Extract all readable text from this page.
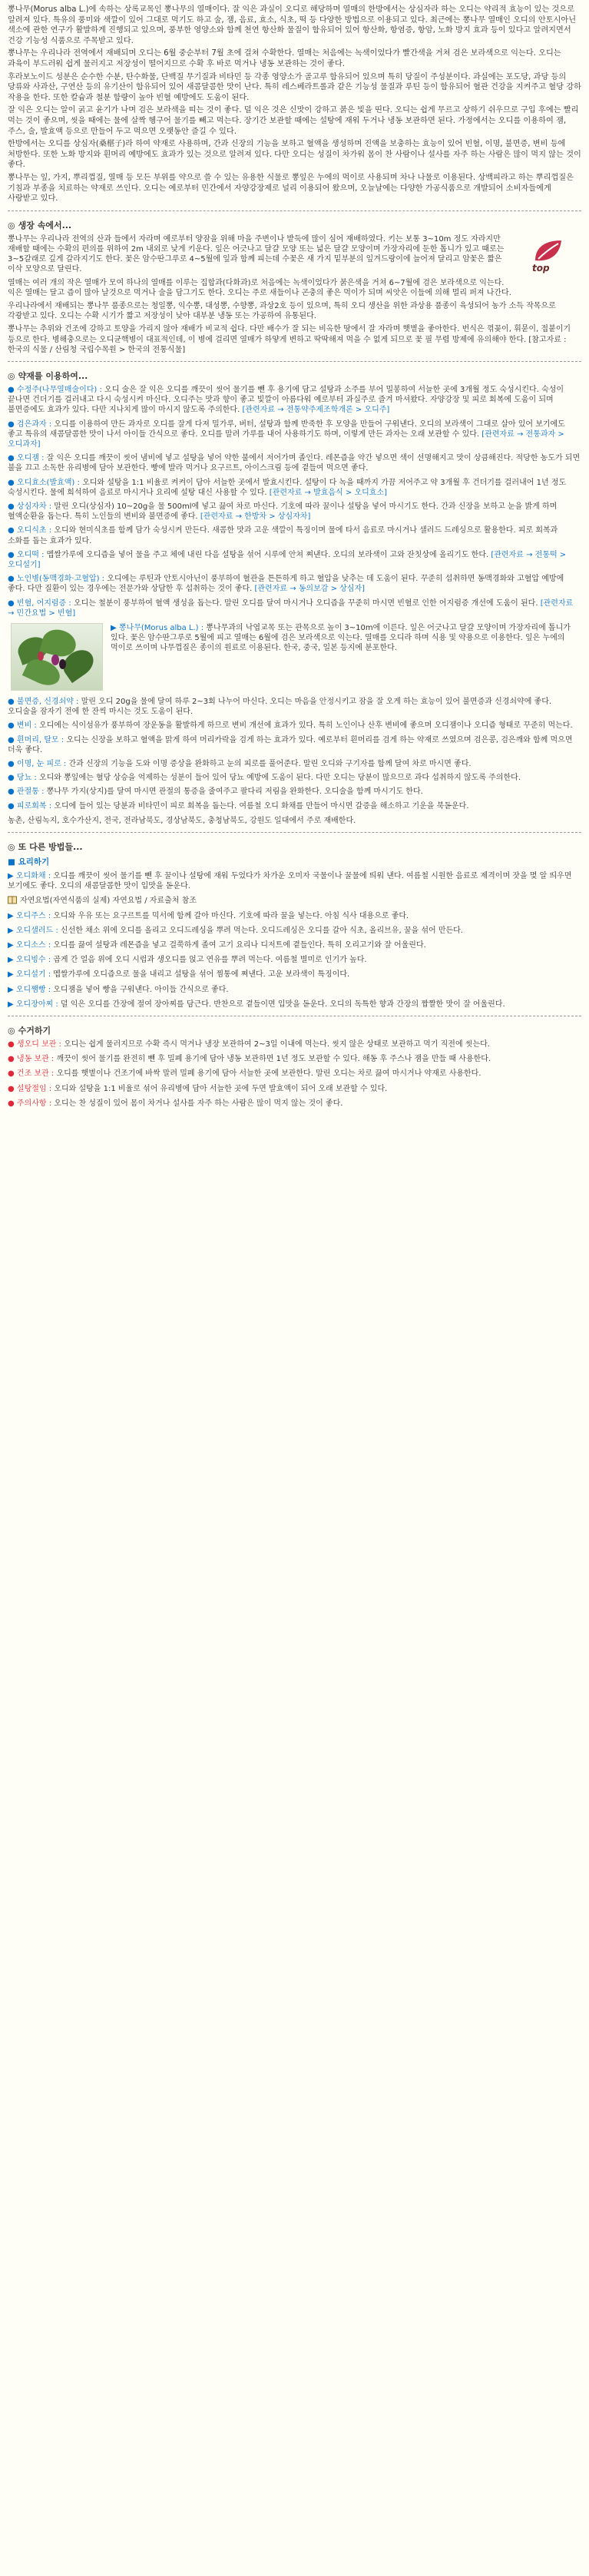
뽕나무(Morus alba L.)에 속하는 상록교목인 뽕나무의 열매이다. 잘 익은 과실이 오디로 해당하며 열매의 한방에서는 상심자라 하는 오디는 약리적 효능이 있는 것으로 알려져 있다. 특유의 풍미와 색깔이 있어 그대로 먹기도 하고 술, 잼, 음료, 효소, 식초, 떡 등 다양한 방법으로 이용되고 있다. 최근에는 뽕나무 열매인 오디의 안토시아닌 색소에 관한 연구가 활발하게 진행되고 있으며, 풍부한 영양소와 함께 천연 항산화 물질이 함유되어 있어 항산화, 항염증, 항암, 노화 방지 효과 등이 있다고 알려지면서 건강 기능성 식품으로 주목받고 있다.

뽕나무는 우리나라 전역에서 재배되며 오디는 6월 중순부터 7월 초에 걸쳐 수확한다. 열매는 처음에는 녹색이었다가 빨간색을 거쳐 검은 보라색으로 익는다. 오디는 과육이 부드러워 쉽게 물러지고 저장성이 떨어지므로 수확 후 바로 먹거나 냉동 보관하는 것이 좋다.

후라보노이드 성분은 순수한 수분, 탄수화물, 단백질 무기질과 비타민 등 각종 영양소가 골고루 함유되어 있으며 특히 당질이 주성분이다. 과실에는 포도당, 과당 등의 당류와 사과산, 구연산 등의 유기산이 함유되어 있어 새콤달콤한 맛이 난다. 특히 레스베라트롤과 같은 기능성 물질과 루틴 등이 함유되어 혈관 건강을 지켜주고 혈당 강하 작용을 한다. 또한 칼슘과 철분 함량이 높아 빈혈 예방에도 도움이 된다.

잘 익은 오디는 알이 굵고 윤기가 나며 검은 보라색을 띠는 것이 좋다. 덜 익은 것은 신맛이 강하고 붉은 빛을 띤다. 오디는 쉽게 무르고 상하기 쉬우므로 구입 후에는 빨리 먹는 것이 좋으며, 씻을 때에는 물에 살짝 헹구어 물기를 빼고 먹는다. 장기간 보관할 때에는 설탕에 재워 두거나 냉동 보관하면 된다. 가정에서는 오디를 이용하여 잼, 주스, 술, 발효액 등으로 만들어 두고 먹으면 오랫동안 즐길 수 있다.

한방에서는 오디를 상심자(桑椹子)라 하여 약재로 사용하며, 간과 신장의 기능을 보하고 혈액을 생성하며 진액을 보충하는 효능이 있어 빈혈, 이명, 불면증, 변비 등에 처방한다. 또한 노화 방지와 흰머리 예방에도 효과가 있는 것으로 알려져 있다. 다만 오디는 성질이 차가워 몸이 찬 사람이나 설사를 자주 하는 사람은 많이 먹지 않는 것이 좋다.

뽕나무는 잎, 가지, 뿌리껍질, 열매 등 모든 부위를 약으로 쓸 수 있는 유용한 식물로 뽕잎은 누에의 먹이로 사용되며 차나 나물로 이용된다. 상백피라고 하는 뿌리껍질은 기침과 부종을 치료하는 약재로 쓰인다. 오디는 예로부터 민간에서 자양강장제로 널리 이용되어 왔으며, 오늘날에는 다양한 가공식품으로 개발되어 소비자들에게 사랑받고 있다.

◎ 생장 속에서...

top
뽕나무는 우리나라 전역의 산과 들에서 자라며 예로부터 양잠을 위해 마을 주변이나 밭둑에 많이 심어 재배하였다. 키는 보통 3~10m 정도 자라지만 재배할 때에는 수확의 편의를 위하여 2m 내외로 낮게 키운다. 잎은 어긋나고 달걀 모양 또는 넓은 달걀 모양이며 가장자리에 둔한 톱니가 있고 때로는 3~5갈래로 깊게 갈라지기도 한다. 꽃은 암수딴그루로 4~5월에 잎과 함께 피는데 수꽃은 새 가지 밑부분의 잎겨드랑이에 늘어져 달리고 암꽃은 짧은 이삭 모양으로 달린다.

열매는 여러 개의 작은 열매가 모여 하나의 열매를 이루는 집합과(다화과)로 처음에는 녹색이었다가 붉은색을 거쳐 6~7월에 검은 보라색으로 익는다. 익은 열매는 달고 즙이 많아 날것으로 먹거나 술을 담그기도 한다. 오디는 주로 새들이나 곤충의 좋은 먹이가 되며 씨앗은 이들에 의해 멀리 퍼져 나간다.

우리나라에서 재배되는 뽕나무 품종으로는 청일뽕, 익수뽕, 대성뽕, 수향뽕, 과상2호 등이 있으며, 특히 오디 생산을 위한 과상용 품종이 육성되어 농가 소득 작목으로 각광받고 있다. 오디는 수확 시기가 짧고 저장성이 낮아 대부분 냉동 또는 가공하여 유통된다.

뽕나무는 추위와 건조에 강하고 토양을 가리지 않아 재배가 비교적 쉽다. 다만 배수가 잘 되는 비옥한 땅에서 잘 자라며 햇볕을 좋아한다. 번식은 꺾꽂이, 휘묻이, 접붙이기 등으로 한다. 병해충으로는 오디균핵병이 대표적인데, 이 병에 걸리면 열매가 하얗게 변하고 딱딱해져 먹을 수 없게 되므로 꽃 필 무렵 방제에 유의해야 한다. [참고자료 : 한국의 식물 / 산림청 국립수목원 > 한국의 전통식물]

◎ 약재를 이용하여...
● 수정주(나무열매술이다) : 오디 술은 잘 익은 오디를 깨끗이 씻어 물기를 뺀 후 용기에 담고 설탕과 소주를 부어 밀봉하여 서늘한 곳에 3개월 정도 숙성시킨다. 숙성이 끝나면 건더기를 걸러내고 다시 숙성시켜 마신다. 오디주는 맛과 향이 좋고 빛깔이 아름다워 예로부터 과실주로 즐겨 마셔왔다. 자양강장 및 피로 회복에 도움이 되며 불면증에도 효과가 있다. 다만 지나치게 많이 마시지 않도록 주의한다. [관련자료 → 전통약주제조학개론 > 오디주]
● 검은과자 : 오디를 이용하여 만든 과자로 오디를 잘게 다져 밀가루, 버터, 설탕과 함께 반죽한 후 모양을 만들어 구워낸다. 오디의 보라색이 그대로 살아 있어 보기에도 좋고 특유의 새콤달콤한 맛이 나서 아이들 간식으로 좋다. 오디를 말려 가루를 내어 사용하기도 하며, 이렇게 만든 과자는 오래 보관할 수 있다. [관련자료 → 전통과자 > 오디과자]
● 오디잼 : 잘 익은 오디를 깨끗이 씻어 냄비에 넣고 설탕을 넣어 약한 불에서 저어가며 졸인다. 레몬즙을 약간 넣으면 색이 선명해지고 맛이 상큼해진다. 적당한 농도가 되면 불을 끄고 소독한 유리병에 담아 보관한다. 빵에 발라 먹거나 요구르트, 아이스크림 등에 곁들여 먹으면 좋다.
● 오디효소(발효액) : 오디와 설탕을 1:1 비율로 켜켜이 담아 서늘한 곳에서 발효시킨다. 설탕이 다 녹을 때까지 가끔 저어주고 약 3개월 후 건더기를 걸러내어 1년 정도 숙성시킨다. 물에 희석하여 음료로 마시거나 요리에 설탕 대신 사용할 수 있다. [관련자료 → 발효음식 > 오디효소]
● 상심자차 : 말린 오디(상심자) 10~20g을 물 500ml에 넣고 끓여 차로 마신다. 기호에 따라 꿀이나 설탕을 넣어 마시기도 한다. 간과 신장을 보하고 눈을 밝게 하며 혈액순환을 돕는다. 특히 노인들의 변비와 불면증에 좋다. [관련자료 → 한방차 > 상심자차]
● 오디식초 : 오디와 현미식초를 함께 담가 숙성시켜 만든다. 새콤한 맛과 고운 색깔이 특징이며 물에 타서 음료로 마시거나 샐러드 드레싱으로 활용한다. 피로 회복과 소화를 돕는 효과가 있다.
● 오디떡 : 멥쌀가루에 오디즙을 넣어 물을 주고 체에 내린 다음 설탕을 섞어 시루에 안쳐 쪄낸다. 오디의 보라색이 고와 잔칫상에 올리기도 한다. [관련자료 → 전통떡 > 오디설기]
● 노인병(동맥경화·고혈압) : 오디에는 루틴과 안토시아닌이 풍부하여 혈관을 튼튼하게 하고 혈압을 낮추는 데 도움이 된다. 꾸준히 섭취하면 동맥경화와 고혈압 예방에 좋다. 다만 질환이 있는 경우에는 전문가와 상담한 후 섭취하는 것이 좋다. [관련자료 → 동의보감 > 상심자]
● 빈혈, 어지럼증 : 오디는 철분이 풍부하여 혈액 생성을 돕는다. 말린 오디를 달여 마시거나 오디즙을 꾸준히 마시면 빈혈로 인한 어지럼증 개선에 도움이 된다. [관련자료 → 민간요법 > 빈혈]
▶ 뽕나무(Morus alba L.) : 뽕나무과의 낙엽교목 또는 관목으로 높이 3~10m에 이른다. 잎은 어긋나고 달걀 모양이며 가장자리에 톱니가 있다. 꽃은 암수딴그루로 5월에 피고 열매는 6월에 검은 보라색으로 익는다. 열매를 오디라 하며 식용 및 약용으로 이용한다. 잎은 누에의 먹이로 쓰이며 나무껍질은 종이의 원료로 이용된다. 한국, 중국, 일본 등지에 분포한다.
● 불면증, 신경쇠약 : 말린 오디 20g을 물에 달여 하루 2~3회 나누어 마신다. 오디는 마음을 안정시키고 잠을 잘 오게 하는 효능이 있어 불면증과 신경쇠약에 좋다. 오디술을 잠자기 전에 한 잔씩 마시는 것도 도움이 된다.
● 변비 : 오디에는 식이섬유가 풍부하여 장운동을 활발하게 하므로 변비 개선에 효과가 있다. 특히 노인이나 산후 변비에 좋으며 오디잼이나 오디즙 형태로 꾸준히 먹는다.
● 흰머리, 탈모 : 오디는 신장을 보하고 혈액을 맑게 하여 머리카락을 검게 하는 효과가 있다. 예로부터 흰머리를 검게 하는 약재로 쓰였으며 검은콩, 검은깨와 함께 먹으면 더욱 좋다.
● 이명, 눈 피로 : 간과 신장의 기능을 도와 이명 증상을 완화하고 눈의 피로를 풀어준다. 말린 오디와 구기자를 함께 달여 차로 마시면 좋다.
● 당뇨 : 오디와 뽕잎에는 혈당 상승을 억제하는 성분이 들어 있어 당뇨 예방에 도움이 된다. 다만 오디는 당분이 많으므로 과다 섭취하지 않도록 주의한다.
● 관절통 : 뽕나무 가지(상지)를 달여 마시면 관절의 통증을 줄여주고 팔다리 저림을 완화한다. 오디술을 함께 마시기도 한다.
● 피로회복 : 오디에 들어 있는 당분과 비타민이 피로 회복을 돕는다. 여름철 오디 화채를 만들어 마시면 갈증을 해소하고 기운을 북돋운다.
농촌, 산림녹지, 호수가산지, 전국, 전라남북도, 경상남북도, 충청남북도, 강원도 일대에서 주로 재배한다.
◎ 또 다른 방법들...
■ 요리하기
▶ 오디화채 : 오디를 깨끗이 씻어 물기를 뺀 후 꿀이나 설탕에 재워 두었다가 차가운 오미자 국물이나 꿀물에 띄워 낸다. 여름철 시원한 음료로 제격이며 잣을 몇 알 띄우면 보기에도 좋다. 오디의 새콤달콤한 맛이 입맛을 돋운다.
자연요법(자연식품의 실제) 자연요법 / 자료출처 참조
▶ 오디주스 : 오디와 우유 또는 요구르트를 믹서에 함께 갈아 마신다. 기호에 따라 꿀을 넣는다. 아침 식사 대용으로 좋다.
▶ 오디샐러드 : 신선한 채소 위에 오디를 올리고 오디드레싱을 뿌려 먹는다. 오디드레싱은 오디를 갈아 식초, 올리브유, 꿀을 섞어 만든다.
▶ 오디소스 : 오디를 끓여 설탕과 레몬즙을 넣고 걸쭉하게 졸여 고기 요리나 디저트에 곁들인다. 특히 오리고기와 잘 어울린다.
▶ 오디빙수 : 곱게 간 얼음 위에 오디 시럽과 생오디를 얹고 연유를 뿌려 먹는다. 여름철 별미로 인기가 높다.
▶ 오디설기 : 멥쌀가루에 오디즙으로 물을 내리고 설탕을 섞어 찜통에 쪄낸다. 고운 보라색이 특징이다.
▶ 오디쨈빵 : 오디잼을 넣어 빵을 구워낸다. 아이들 간식으로 좋다.
▶ 오디장아찌 : 덜 익은 오디를 간장에 절여 장아찌를 담근다. 반찬으로 곁들이면 입맛을 돋운다. 오디의 독특한 향과 간장의 짭짤한 맛이 잘 어울린다.
◎ 수거하기
● 생오디 보관 : 오디는 쉽게 물러지므로 수확 즉시 먹거나 냉장 보관하여 2~3일 이내에 먹는다. 씻지 않은 상태로 보관하고 먹기 직전에 씻는다.
● 냉동 보관 : 깨끗이 씻어 물기를 완전히 뺀 후 밀폐 용기에 담아 냉동 보관하면 1년 정도 보관할 수 있다. 해동 후 주스나 잼을 만들 때 사용한다.
● 건조 보관 : 오디를 햇볕이나 건조기에 바싹 말려 밀폐 용기에 담아 서늘한 곳에 보관한다. 말린 오디는 차로 끓여 마시거나 약재로 사용한다.
● 설탕절임 : 오디와 설탕을 1:1 비율로 섞어 유리병에 담아 서늘한 곳에 두면 발효액이 되어 오래 보관할 수 있다.
● 주의사항 : 오디는 찬 성질이 있어 몸이 차거나 설사를 자주 하는 사람은 많이 먹지 않는 것이 좋다.
